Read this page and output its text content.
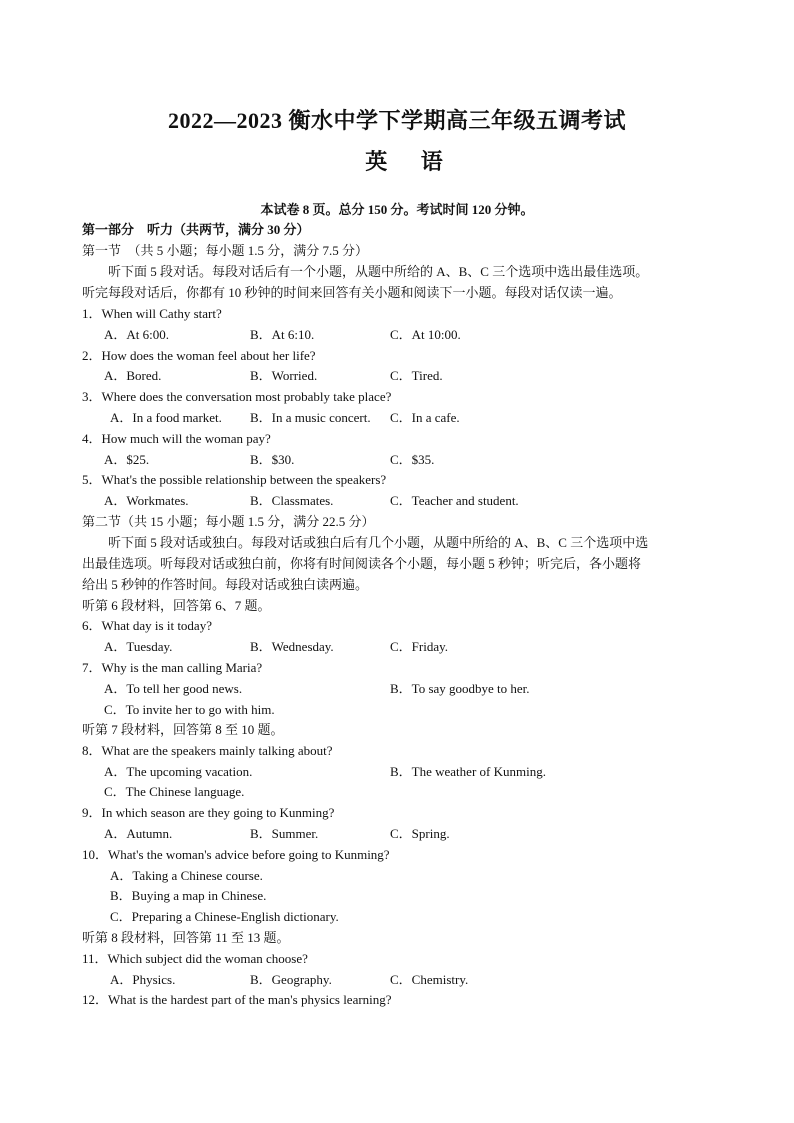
2022—2023 衡水中学下学期高三年级五调考试
英 语
本试卷 8 页。总分 150 分。考试时间 120 分钟。
第一部分　听力（共两节，满分 30 分）
第一节　（共 5 小题；每小题 1.5 分，满分 7.5 分）
听下面 5 段对话。每段对话后有一个小题，从题中所给的 A、B、C 三个选项中选出最佳选项。
听完每段对话后，你都有 10 秒钟的时间来回答有关小题和阅读下一小题。每段对话仅读一遍。
1．When will Cathy start?
A．At 6:00.	B．At 6:10.	C．At 10:00.
2．How does the woman feel about her life?
A．Bored.	B．Worried.	C．Tired.
3．Where does the conversation most probably take place?
A．In a food market. B．In a music concert. C．In a cafe.
4．How much will the woman pay?
A．$25.	B．$30.	C．$35.
5．What's the possible relationship between the speakers?
A．Workmates.	B．Classmates.	C．Teacher and student.
第二节（共 15 小题；每小题 1.5 分，满分 22.5 分）
听下面 5 段对话或独白。每段对话或独白后有几个小题，从题中所给的 A、B、C 三个选项中选
出最佳选项。听每段对话或独白前，你将有时间阅读各个小题，每小题 5 秒钟；听完后，各小题将
给出 5 秒钟的作答时间。每段对话或独白读两遍。
听第 6 段材料，回答第 6、7 题。
6．What day is it today?
A．Tuesday.	B．Wednesday.	C．Friday.
7．Why is the man calling Maria?
A．To tell her good news.	B．To say goodbye to her.
C．To invite her to go with him.
听第 7 段材料，回答第 8 至 10 题。
8．What are the speakers mainly talking about?
A．The upcoming vacation.	B．The weather of Kunming.
C．The Chinese language.
9．In which season are they going to Kunming?
A．Autumn.	B．Summer.	C．Spring.
10．What's the woman's advice before going to Kunming?
A．Taking a Chinese course.
B．Buying a map in Chinese.
C．Preparing a Chinese-English dictionary.
听第 8 段材料，回答第 11 至 13 题。
11．Which subject did the woman choose?
A．Physics.	B．Geography.	C．Chemistry.
12．What is the hardest part of the man's physics learning?
